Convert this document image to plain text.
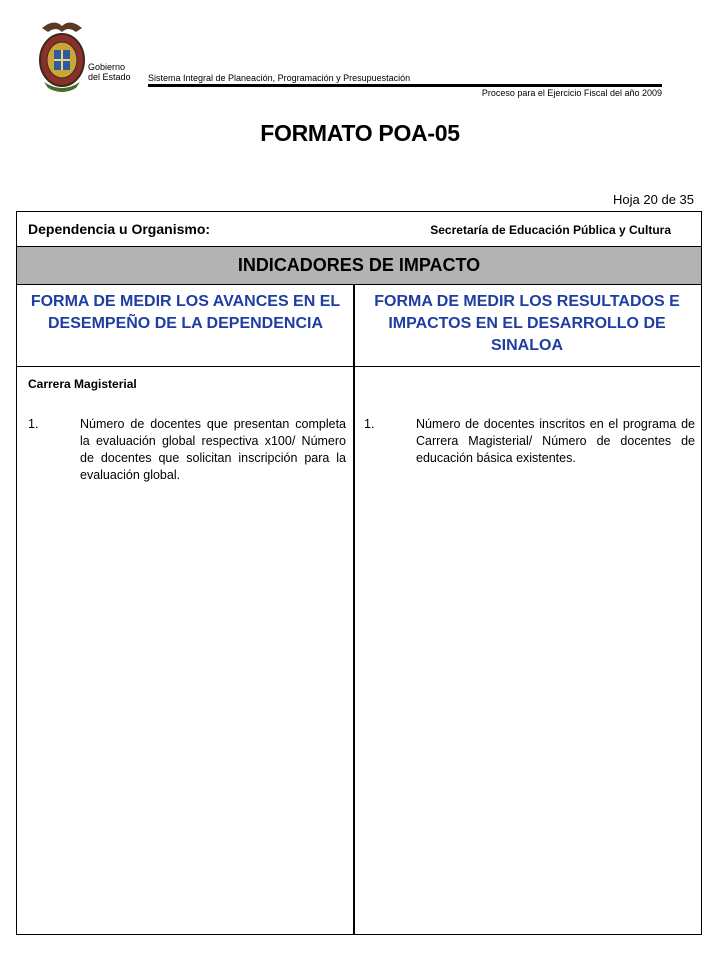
Gobierno
del Estado Sistema Integral de Planeación, Programación y Presupuestación
Proceso para el Ejercicio Fiscal del año 2009
FORMATO POA-05
Hoja 20 de 35
Dependencia u Organismo:	Secretaría de Educación Pública y Cultura
INDICADORES DE IMPACTO
FORMA DE MEDIR LOS AVANCES EN EL DESEMPEÑO DE LA DEPENDENCIA
FORMA DE MEDIR LOS RESULTADOS E IMPACTOS EN EL DESARROLLO DE SINALOA
Carrera Magisterial
1.	Número de docentes que presentan completa la evaluación global respectiva x100/ Número de docentes que solicitan inscripción para la evaluación global.
1.	Número de docentes inscritos en el programa de Carrera Magisterial/ Número de docentes de educación básica existentes.
